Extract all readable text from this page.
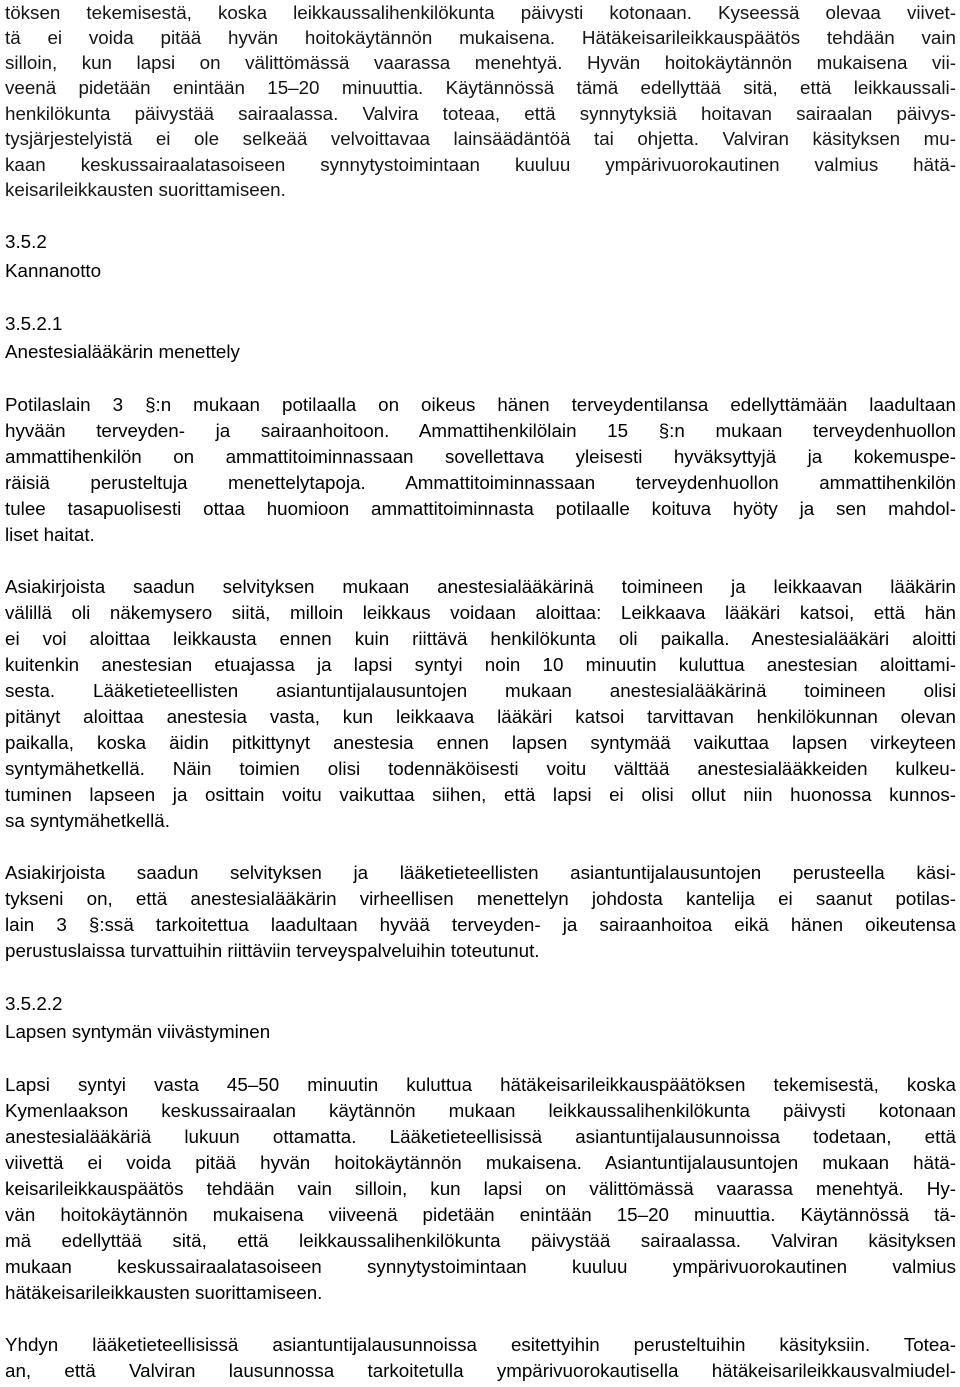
töksen tekemisestä, koska leikkaussalihenkilökunta päivysti kotonaan. Kyseessä olevaa viivet-
tä ei voida pitää hyvän hoitokäytännön mukaisena. Hätäkeisarileikkauspäätös tehdään vain
silloin, kun lapsi on välittömässä vaarassa menehtyä. Hyvän hoitokäytännön mukaisena vii-
veenä pidetään enintään 15–20 minuuttia. Käytännössä tämä edellyttää sitä, että leikkaussali-
henkilökunta päivystää sairaalassa. Valvira toteaa, että synnytyksiä hoitavan sairaalan päivys-
tysjärjestelyistä ei ole selkeää velvoittavaa lainsäädäntöä tai ohjetta. Valviran käsityksen mu-
kaan keskussairaalatasoiseen synnytystoimintaan kuuluu ympärivuorokautinen valmius hätä-
keisarileikkausten suorittamiseen.
3.5.2
Kannanotto
3.5.2.1
Anestesialääkärin menettely
Potilaslain 3 §:n mukaan potilaalla on oikeus hänen terveydentilansa edellyttämään laadultaan
hyvään terveyden- ja sairaanhoitoon. Ammattihenkilölain 15 §:n mukaan terveydenhuollon
ammattihenkilön on ammattitoiminnassaan sovellettava yleisesti hyväksyttyjä ja kokemuspe-
räisiä perusteltuja menettelytapoja. Ammattitoiminnassaan terveydenhuollon ammattihenkilön
tulee tasapuolisesti ottaa huomioon ammattitoiminnasta potilaalle koituva hyöty ja sen mahdol-
liset haitat.
Asiakirjoista saadun selvityksen mukaan anestesialääkärinä toimineen ja leikkaavan lääkärin
välillä oli näkemysero siitä, milloin leikkaus voidaan aloittaa: Leikkaava lääkäri katsoi, että hän
ei voi aloittaa leikkausta ennen kuin riittävä henkilökunta oli paikalla. Anestesialääkäri aloitti
kuitenkin anestesian etuajassa ja lapsi syntyi noin 10 minuutin kuluttua anestesian aloittami-
sesta. Lääketieteellisten asiantuntijalausuntojen mukaan anestesialääkärinä toimineen olisi
pitänyt aloittaa anestesia vasta, kun leikkaava lääkäri katsoi tarvittavan henkilökunnan olevan
paikalla, koska äidin pitkittynyt anestesia ennen lapsen syntymää vaikuttaa lapsen virkeyteen
syntymähetkellä. Näin toimien olisi todennäköisesti voitu välttää anestesialääkkeiden kulkeu-
tuminen lapseen ja osittain voitu vaikuttaa siihen, että lapsi ei olisi ollut niin huonossa kunnos-
sa syntymähetkellä.
Asiakirjoista saadun selvityksen ja lääketieteellisten asiantuntijalausuntojen perusteella käsi-
tykseni on, että anestesialääkärin virheellisen menettelyn johdosta kantelija ei saanut potilas-
lain 3 §:ssä tarkoitettua laadultaan hyvää terveyden- ja sairaanhoitoa eikä hänen oikeutensa
perustuslaissa turvattuihin riittäviin terveyspalveluihin toteutunut.
3.5.2.2
Lapsen syntymän viivästyminen
Lapsi syntyi vasta 45–50 minuutin kuluttua hätäkeisarileikkauspäätöksen tekemisestä, koska
Kymenlaakson keskussairaalan käytännön mukaan leikkaussalihenkilökunta päivysti kotonaan
anestesialääkäriä lukuun ottamatta. Lääketieteellisissä asiantuntijalausunnoissa todetaan, että
viivettä ei voida pitää hyvän hoitokäytännön mukaisena. Asiantuntijalausuntojen mukaan hätä-
keisarileikkauspäätös tehdään vain silloin, kun lapsi on välittömässä vaarassa menehtyä. Hy-
vän hoitokäytännön mukaisena viiveenä pidetään enintään 15–20 minuuttia. Käytännössä tä-
mä edellyttää sitä, että leikkaussalihenkilökunta päivystää sairaalassa. Valviran käsityksen
mukaan keskussairaalatasoiseen synnytystoimintaan kuuluu ympärivuorokautinen valmius
hätäkeisarileikkausten suorittamiseen.
Yhdyn lääketieteellisissä asiantuntijalausunnoissa esitettyihin perusteltuihin käsityksiin. Totea-
an, että Valviran lausunnossa tarkoitetulla ympärivuorokautisella hätäkeisarileikkausvalmiudel-
